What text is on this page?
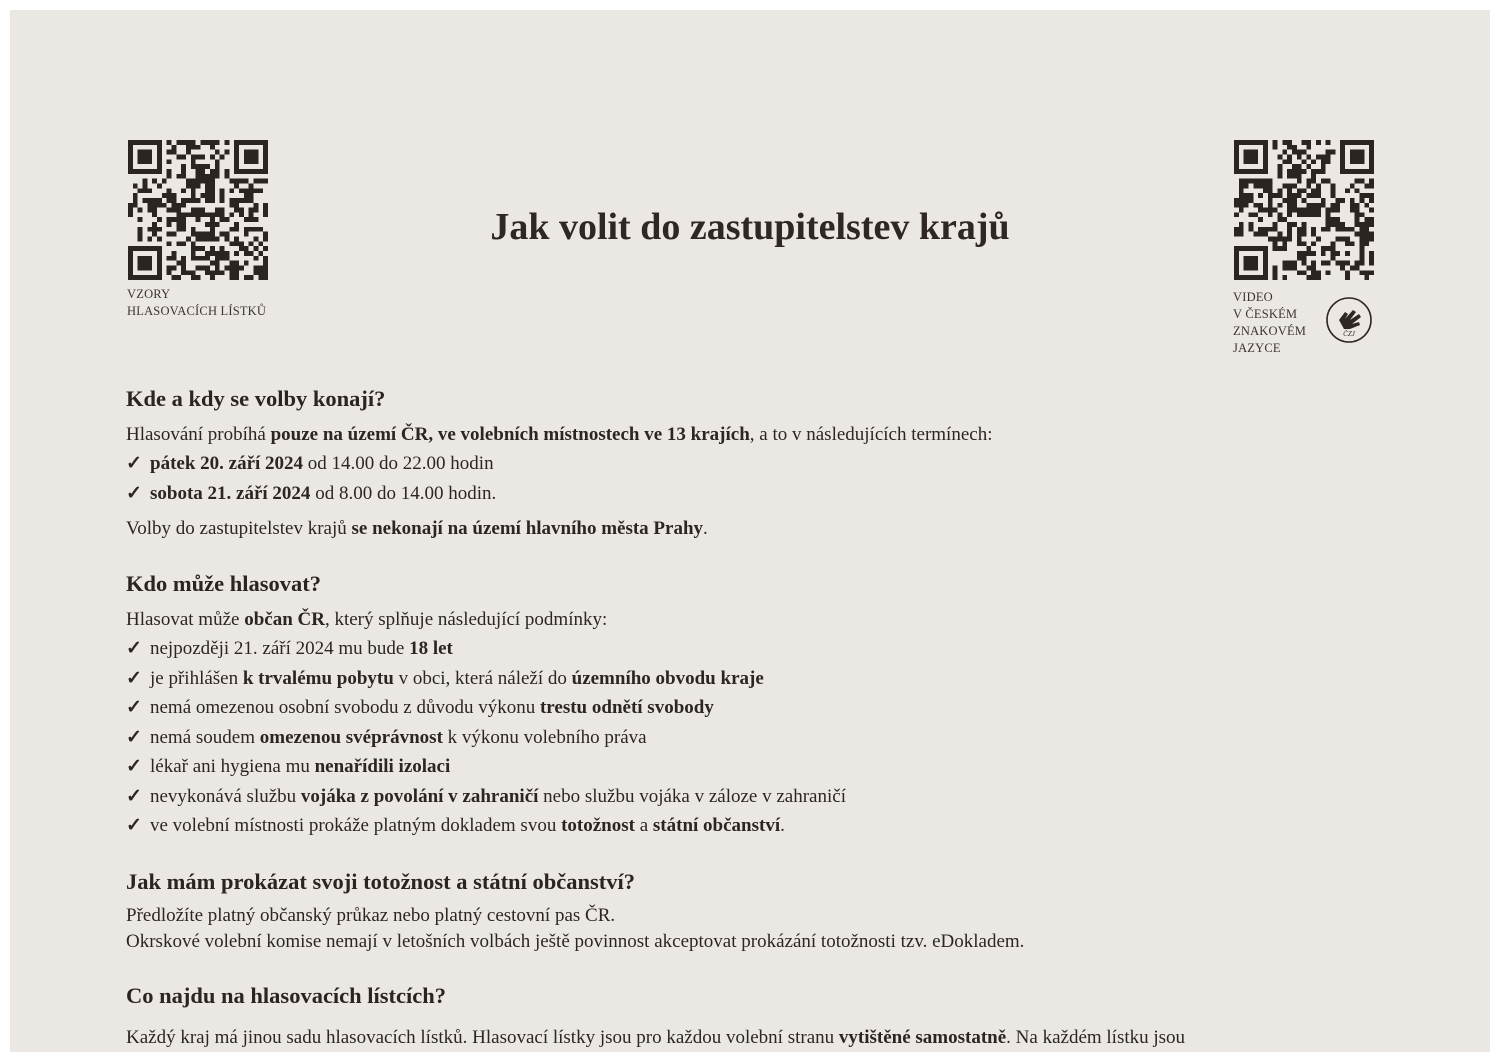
VZORY
HLASOVACÍCH LÍSTKŮ
VIDEO
V ČESKÉM
ZNAKOVÉM
JAZYCE
ČZJ
Jak volit do zastupitelstev krajů
Kde a kdy se volby konají?

Hlasování probíhá pouze na území ČR, ve volebních místnostech ve 13 krajích, a to v následujících termínech:

✓ pátek 20. září 2024 od 14.00 do 22.00 hodin

✓ sobota 21. září 2024 od 8.00 do 14.00 hodin.

Volby do zastupitelstev krajů se nekonají na území hlavního města Prahy.

Kdo může hlasovat?

Hlasovat může občan ČR, který splňuje následující podmínky:

✓ nejpozději 21. září 2024 mu bude 18 let

✓ je přihlášen k trvalému pobytu v obci, která náleží do územního obvodu kraje

✓ nemá omezenou osobní svobodu z důvodu výkonu trestu odnětí svobody

✓ nemá soudem omezenou svéprávnost k výkonu volebního práva

✓ lékař ani hygiena mu nenařídili izolaci

✓ nevykonává službu vojáka z povolání v zahraničí nebo službu vojáka v záloze v zahraničí

✓ ve volební místnosti prokáže platným dokladem svou totožnost a státní občanství.

Jak mám prokázat svoji totožnost a státní občanství?

Předložíte platný občanský průkaz nebo platný cestovní pas ČR.

Okrskové volební komise nemají v letošních volbách ještě povinnost akceptovat prokázání totožnosti tzv. eDokladem.

Co najdu na hlasovacích lístcích?

Každý kraj má jinou sadu hlasovacích lístků. Hlasovací lístky jsou pro každou volební stranu vytištěné samostatně. Na každém lístku jsou
